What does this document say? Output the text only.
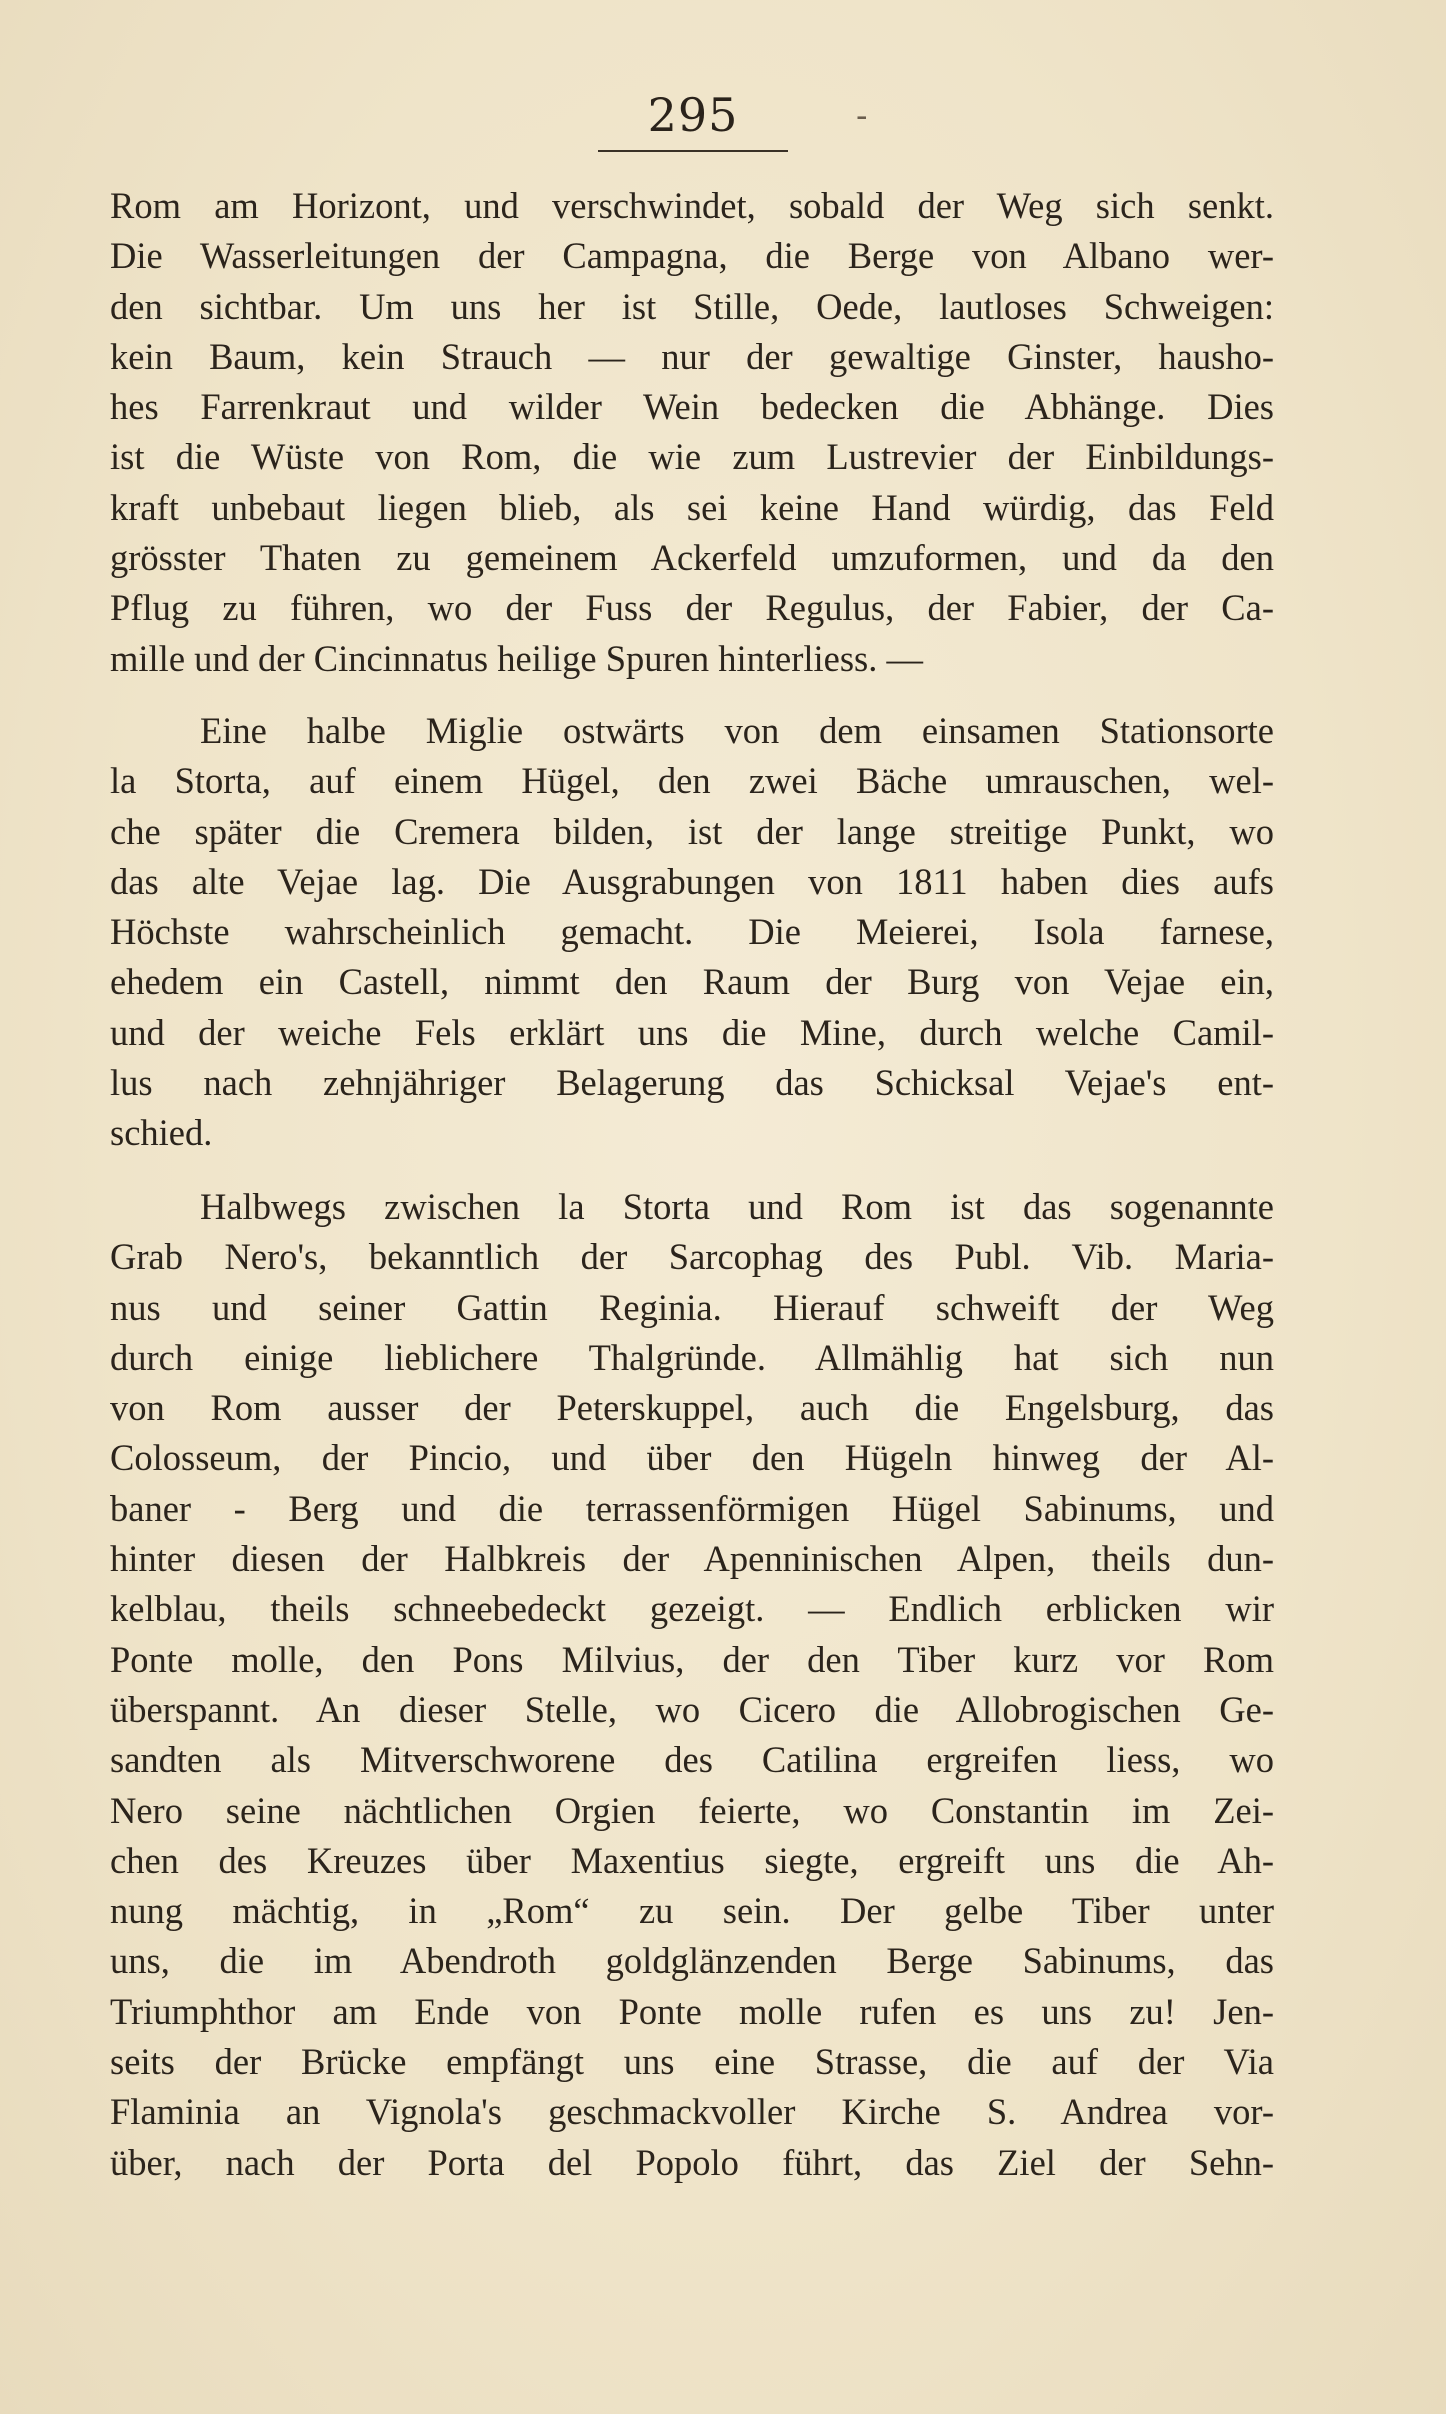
295	-
Rom am Horizont, und verschwindet, sobald der Weg sich senkt.
Die Wasserleitungen der Campagna, die Berge von Albano wer-
den sichtbar. Um uns her ist Stille, Oede, lautloses Schweigen:
kein Baum, kein Strauch — nur der gewaltige Ginster, hausho-
hes Farrenkraut und wilder Wein bedecken die Abhänge. Dies
ist die Wüste von Rom, die wie zum Lustrevier der Einbildungs-
kraft unbebaut liegen blieb, als sei keine Hand würdig, das Feld
grösster Thaten zu gemeinem Ackerfeld umzuformen, und da den
Pflug zu führen, wo der Fuss der Regulus, der Fabier, der Ca-
mille und der Cincinnatus heilige Spuren hinterliess. —
Eine halbe Miglie ostwärts von dem einsamen Stationsorte
la Storta, auf einem Hügel, den zwei Bäche umrauschen, wel-
che später die Cremera bilden, ist der lange streitige Punkt, wo
das alte Vejae lag. Die Ausgrabungen von 1811 haben dies aufs
Höchste wahrscheinlich gemacht. Die Meierei, Isola farnese,
ehedem ein Castell, nimmt den Raum der Burg von Vejae ein,
und der weiche Fels erklärt uns die Mine, durch welche Camil-
lus nach zehnjähriger Belagerung das Schicksal Vejae's ent-
schied.
Halbwegs zwischen la Storta und Rom ist das sogenannte
Grab Nero's, bekanntlich der Sarcophag des Publ. Vib. Maria-
nus und seiner Gattin Reginia. Hierauf schweift der Weg
durch einige lieblichere Thalgründe. Allmählig hat sich nun
von Rom ausser der Peterskuppel, auch die Engelsburg, das
Colosseum, der Pincio, und über den Hügeln hinweg der Al-
baner - Berg und die terrassenförmigen Hügel Sabinums, und
hinter diesen der Halbkreis der Apenninischen Alpen, theils dun-
kelblau, theils schneebedeckt gezeigt. — Endlich erblicken wir
Ponte molle, den Pons Milvius, der den Tiber kurz vor Rom
überspannt. An dieser Stelle, wo Cicero die Allobrogischen Ge-
sandten als Mitverschworene des Catilina ergreifen liess, wo
Nero seine nächtlichen Orgien feierte, wo Constantin im Zei-
chen des Kreuzes über Maxentius siegte, ergreift uns die Ah-
nung mächtig, in „Rom“ zu sein. Der gelbe Tiber unter
uns, die im Abendroth goldglänzenden Berge Sabinums, das
Triumphthor am Ende von Ponte molle rufen es uns zu! Jen-
seits der Brücke empfängt uns eine Strasse, die auf der Via
Flaminia an Vignola's geschmackvoller Kirche S. Andrea vor-
über, nach der Porta del Popolo führt, das Ziel der Sehn-
